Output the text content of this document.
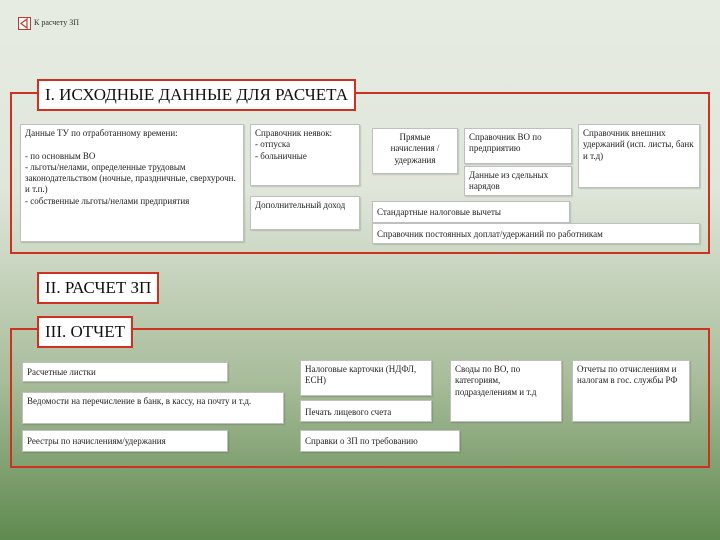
К расчету ЗП
I. ИСХОДНЫЕ ДАННЫЕ ДЛЯ РАСЧЕТА
Данные ТУ по отработанному времени:

- по основным ВО
- льготы/нелами, определенные трудовым законодательством (ночные, праздничные, сверхурочн. и т.п.)
- собственные льготы/нелами предприятия
Справочник неявок:
- отпуска
- больничные
Дополнительный доход
Прямые начисления / удержания
Справочник ВО по предприятию
Данные из сдельных нарядов
Справочник внешних удержаний (исп. листы, банк и т.д)
Стандартные налоговые вычеты
Справочник постоянных доплат/удержаний по работникам
II. РАСЧЕТ ЗП
III. ОТЧЕТ
Расчетные листки
Ведомости на перечисление в банк, в кассу, на почту и т.д.
Реестры по начислениям/удержания
Налоговые карточки (НДФЛ, ЕСН)
Печать лицевого счета
Справки о ЗП по требованию
Своды по ВО, по категориям, подразделениям и т.д
Отчеты по отчислениям и налогам в гос. службы РФ
